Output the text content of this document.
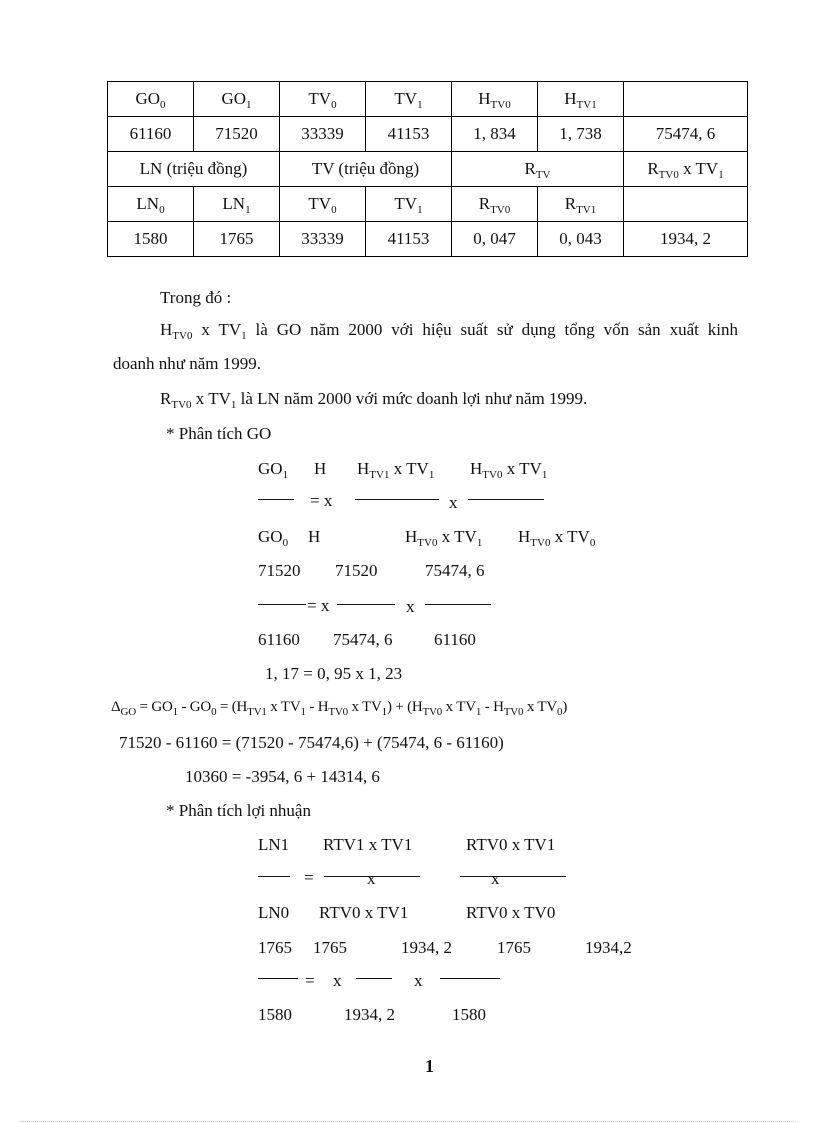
$GO_0$	$GO_1$	$TV_0$	$TV_1$	$H_{TV0}$	$H_{TV1}$	
61160	71520	33339	41153	1, 834	1, 738	75474, 6
LN (triệu đồng)		TV (triệu đồng)		$R_{TV}$		$R_{TV0}$ x $TV_1$
$LN_0$	$LN_1$	$TV_0$	$TV_1$	$R_{TV0}$	$R_{TV1}$	
1580	1765	33339	41153	0, 047	0, 043	1934, 2
Trong đó :
$H_{TV0}$ x $TV_1$ là GO năm 2000 với hiệu suất sử dụng tổng vốn sản xuất kinh
doanh như năm 1999.
$R_{TV0}$ x $TV_1$ là LN năm 2000 với mức doanh lợi như năm 1999.
* Phân tích GO
$GO_1$ H $H_{TV1}$ x $TV_1$ $H_{TV0}$ x $TV_1$
= x	x
$GO_0$ H	$H_{TV0}$ x $TV_1$ $H_{TV0}$ x $TV_0$
71520 71520	75474, 6
= x	x
61160 75474, 6 61160
1, 17 = 0, 95 x 1, 23
$\Delta_{GO} = GO_1 - GO_0 = (H_{TV1}$ x $TV_1 - H_{TV0}$ x $TV_1) + (H_{TV0}$ x $TV_1 - H_{TV0}$ x $TV_0$)
71520 - 61160 = (71520 - 75474,6) + (75474, 6 - 61160)
10360 = -3954, 6 + 14314, 6
* Phân tích lợi nhuận
LN1 RTV1 x TV1	RTV0 x TV1
=	x	x
LN0 RTV0 x TV1	RTV0 x TV0
1765 1765	1934, 2	1765	1934,2
= x	x
1580	1934, 2	1580
1
